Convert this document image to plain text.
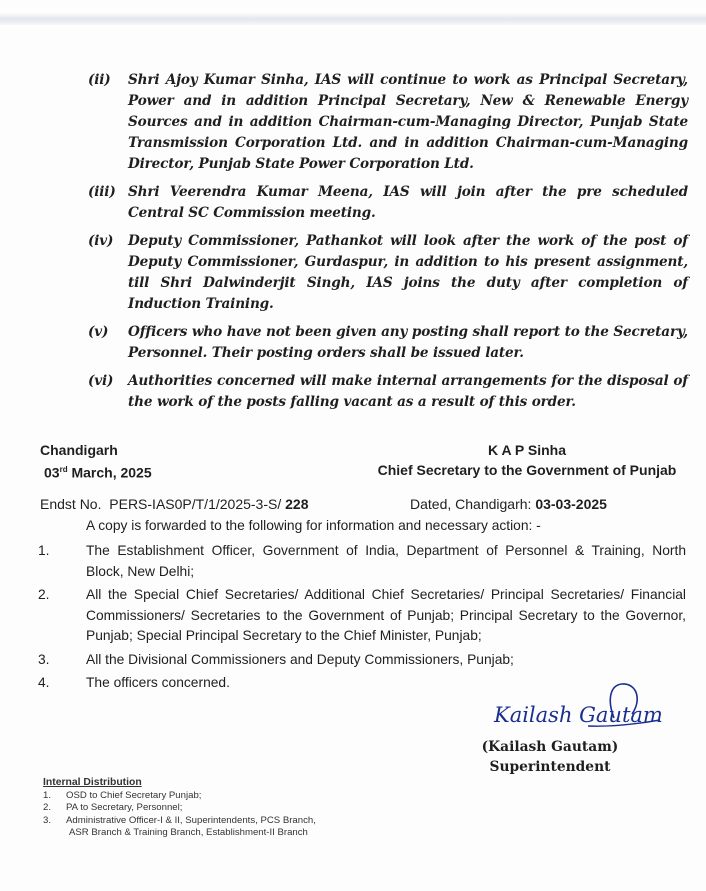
(ii)	Shri Ajoy Kumar Sinha, IAS will continue to work as Principal Secretary, Power and in addition Principal Secretary, New & Renewable Energy Sources and in addition Chairman-cum-Managing Director, Punjab State Transmission Corporation Ltd. and in addition Chairman-cum-Managing Director, Punjab State Power Corporation Ltd.
(iii) Shri Veerendra Kumar Meena, IAS will join after the pre scheduled Central SC Commission meeting.
(iv)	Deputy Commissioner, Pathankot will look after the work of the post of Deputy Commissioner, Gurdaspur, in addition to his present assignment, till Shri Dalwinderjit Singh, IAS joins the duty after completion of Induction Training.
(v)	Officers who have not been given any posting shall report to the Secretary, Personnel. Their posting orders shall be issued later.
(vi)	Authorities concerned will make internal arrangements for the disposal of the work of the posts falling vacant as a result of this order.
Chandigarh
03rd March, 2025
K A P Sinha
Chief Secretary to the Government of Punjab
Endst No. PERS-IAS0P/T/1/2025-3-S/ 228	Dated, Chandigarh: 03-03-2025
A copy is forwarded to the following for information and necessary action: -
1.	The Establishment Officer, Government of India, Department of Personnel & Training, North Block, New Delhi;
2.	All the Special Chief Secretaries/ Additional Chief Secretaries/ Principal Secretaries/ Financial Commissioners/ Secretaries to the Government of Punjab; Principal Secretary to the Governor, Punjab; Special Principal Secretary to the Chief Minister, Punjab;
3.	All the Divisional Commissioners and Deputy Commissioners, Punjab;
4.	The officers concerned.
Kailash Gautam
(Kailash Gautam)
Superintendent
Internal Distribution
1.	OSD to Chief Secretary Punjab;
2.	PA to Secretary, Personnel;
3.	Administrative Officer-I & II, Superintendents, PCS Branch,
ASR Branch & Training Branch, Establishment-II Branch
